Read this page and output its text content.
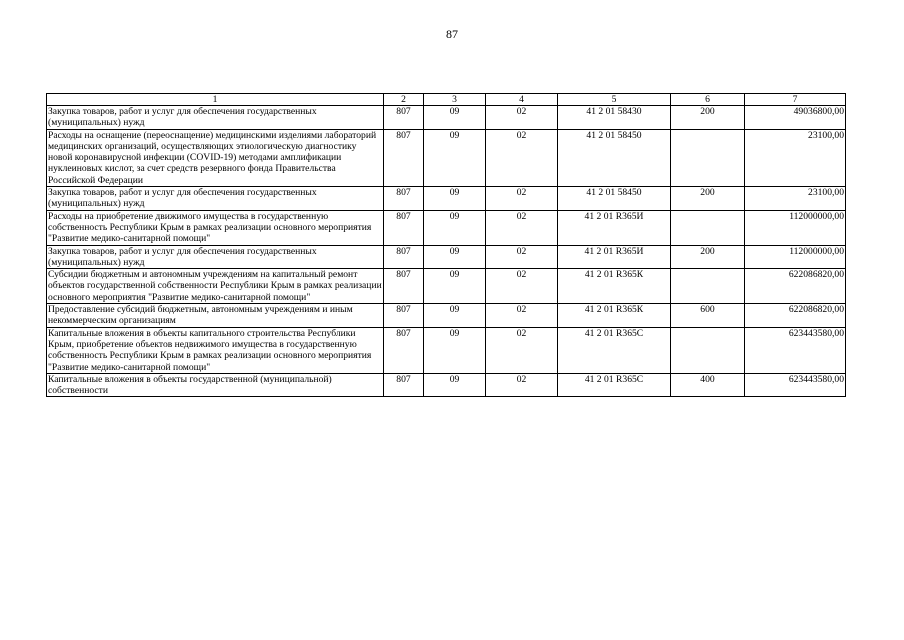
87
1	2	3	4	5	6	7
Закупка товаров, работ и услуг для обеспечения государственных (муниципальных) нужд	807	09	02	41 2 01 58430	200	49036800,00
Расходы на оснащение (переоснащение) медицинскими изделиями лабораторий медицинских организаций, осуществляющих этиологическую диагностику новой коронавирусной инфекции (COVID-19) методами амплификации нуклеиновых кислот, за счет средств резервного фонда Правительства Российской Федерации	807	09	02	41 2 01 58450		23100,00
Закупка товаров, работ и услуг для обеспечения государственных (муниципальных) нужд	807	09	02	41 2 01 58450	200	23100,00
Расходы на приобретение движимого имущества в государственную собственность Республики Крым в рамках реализации основного мероприятия "Развитие медико-санитарной помощи"	807	09	02	41 2 01 R365И		112000000,00
Закупка товаров, работ и услуг для обеспечения государственных (муниципальных) нужд	807	09	02	41 2 01 R365И	200	112000000,00
Субсидии бюджетным и автономным учреждениям на капитальный ремонт объектов государственной собственности Республики Крым в рамках реализации основного мероприятия "Развитие медико-санитарной помощи"	807	09	02	41 2 01 R365К		622086820,00
Предоставление субсидий бюджетным, автономным учреждениям и иным некоммерческим организациям	807	09	02	41 2 01 R365К	600	622086820,00
Капитальные вложения в объекты капитального строительства Республики Крым, приобретение объектов недвижимого имущества в государственную собственность Республики Крым в рамках реализации основного мероприятия "Развитие медико-санитарной помощи"	807	09	02	41 2 01 R365С		623443580,00
Капитальные вложения в объекты государственной (муниципальной) собственности	807	09	02	41 2 01 R365С	400	623443580,00
